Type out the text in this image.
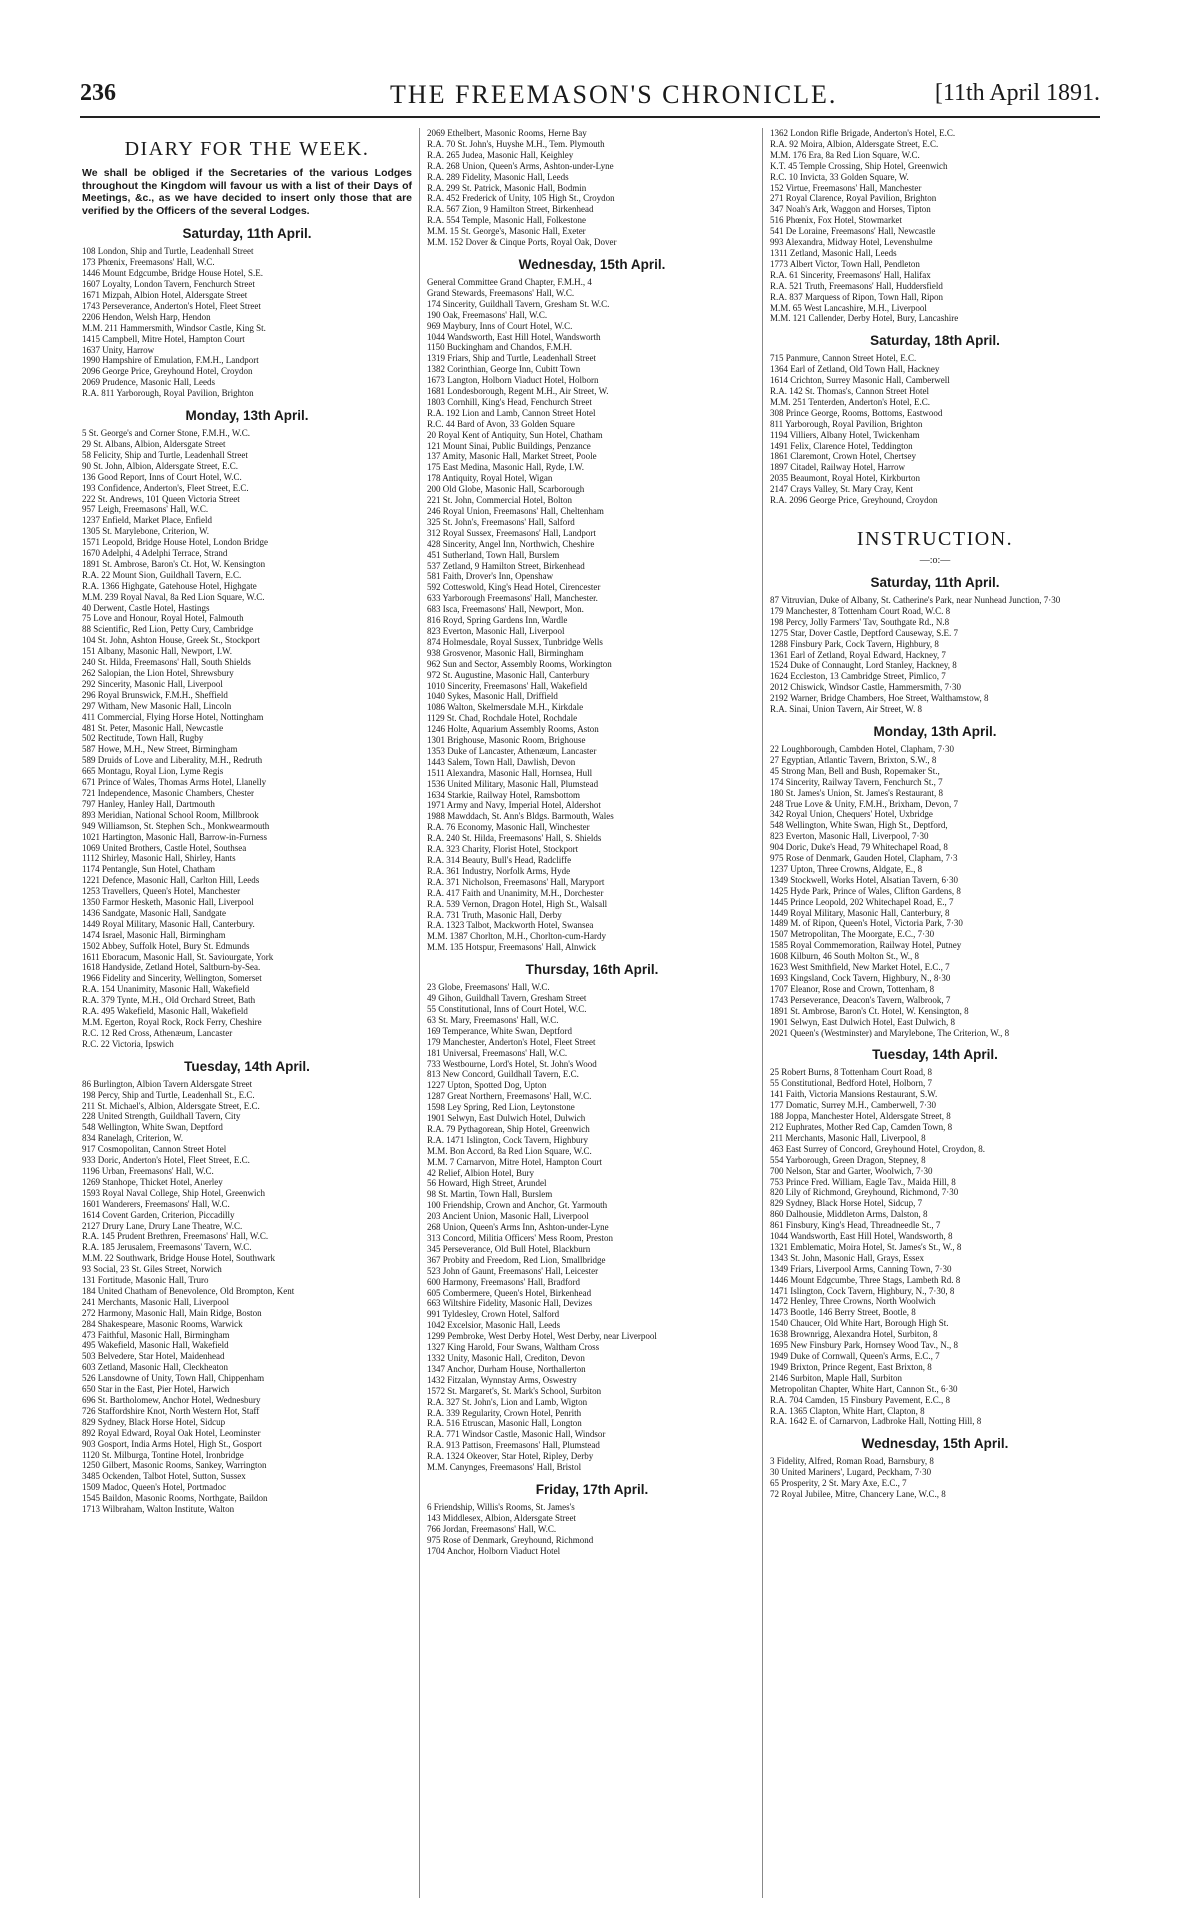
236	THE FREEMASON'S CHRONICLE.	[11th April 1891.
DIARY FOR THE WEEK.
We shall be obliged if the Secretaries of the various Lodges throughout the Kingdom will favour us with a list of their Days of Meetings, &c., as we have decided to insert only those that are verified by the Officers of the several Lodges.
Saturday, 11th April.
108 London, Ship and Turtle, Leadenhall Street
173 Phœnix, Freemasons' Hall, W.C.
1446 Mount Edgcumbe, Bridge House Hotel, S.E.
1607 Loyalty, London Tavern, Fenchurch Street
1671 Mizpah, Albion Hotel, Aldersgate Street
1743 Perseverance, Anderton's Hotel, Fleet Street
2206 Hendon, Welsh Harp, Hendon
M.M. 211 Hammersmith, Windsor Castle, King St.
1415 Campbell, Mitre Hotel, Hampton Court
1637 Unity, Harrow
1990 Hampshire of Emulation, F.M.H., Landport
2096 George Price, Greyhound Hotel, Croydon
2069 Prudence, Masonic Hall, Leeds
R.A. 811 Yarborough, Royal Pavilion, Brighton
Monday, 13th April.
5 St. George's and Corner Stone, F.M.H., W.C.
29 St. Albans, Albion, Aldersgate Street
58 Felicity, Ship and Turtle, Leadenhall Street
90 St. John, Albion, Aldersgate Street, E.C.
136 Good Report, Inns of Court Hotel, W.C.
193 Confidence, Anderton's, Fleet Street, E.C.
222 St. Andrews, 101 Queen Victoria Street
957 Leigh, Freemasons' Hall, W.C.
1237 Enfield, Market Place, Enfield
1305 St. Marylebone, Criterion, W.
1571 Leopold, Bridge House Hotel, London Bridge
1670 Adelphi, 4 Adelphi Terrace, Strand
1891 St. Ambrose, Baron's Ct. Hot, W. Kensington
R.A. 22 Mount Sion, Guildhall Tavern, E.C.
R.A. 1366 Highgate, Gatehouse Hotel, Highgate
M.M. 239 Royal Naval, 8a Red Lion Square, W.C.
40 Derwent, Castle Hotel, Hastings
75 Love and Honour, Royal Hotel, Falmouth
88 Scientific, Red Lion, Petty Cury, Cambridge
104 St. John, Ashton House, Greek St., Stockport
151 Albany, Masonic Hall, Newport, I.W.
240 St. Hilda, Freemasons' Hall, South Shields
262 Salopian, the Lion Hotel, Shrewsbury
292 Sincerity, Masonic Hall, Liverpool
296 Royal Brunswick, F.M.H., Sheffield
297 Witham, New Masonic Hall, Lincoln
411 Commercial, Flying Horse Hotel, Nottingham
481 St. Peter, Masonic Hall, Newcastle
502 Rectitude, Town Hall, Rugby
587 Howe, M.H., New Street, Birmingham
589 Druids of Love and Liberality, M.H., Redruth
665 Montagu, Royal Lion, Lyme Regis
671 Prince of Wales, Thomas Arms Hotel, Llanelly
721 Independence, Masonic Chambers, Chester
797 Hanley, Hanley Hall, Dartmouth
893 Meridian, National School Room, Millbrook
949 Williamson, St. Stephen Sch., Monkwearmouth
1021 Hartington, Masonic Hall, Barrow-in-Furness
1069 United Brothers, Castle Hotel, Southsea
1112 Shirley, Masonic Hall, Shirley, Hants
1174 Pentangle, Sun Hotel, Chatham
1221 Defence, Masonic Hall, Carlton Hill, Leeds
1253 Travellers, Queen's Hotel, Manchester
1350 Farmor Hesketh, Masonic Hall, Liverpool
1436 Sandgate, Masonic Hall, Sandgate
1449 Royal Military, Masonic Hall, Canterbury.
1474 Israel, Masonic Hall, Birmingham
1502 Abbey, Suffolk Hotel, Bury St. Edmunds
1611 Eboracum, Masonic Hall, St. Saviourgate, York
1618 Handyside, Zetland Hotel, Saltburn-by-Sea.
1966 Fidelity and Sincerity, Wellington, Somerset
R.A. 154 Unanimity, Masonic Hall, Wakefield
R.A. 379 Tynte, M.H., Old Orchard Street, Bath
R.A. 495 Wakefield, Masonic Hall, Wakefield
M.M. Egerton, Royal Rock, Rock Ferry, Cheshire
R.C. 12 Red Cross, Athenæum, Lancaster
R.C. 22 Victoria, Ipswich
Tuesday, 14th April.
86 Burlington, Albion Tavern Aldersgate Street
198 Percy, Ship and Turtle, Leadenhall St., E.C.
211 St. Michael's, Albion, Aldersgate Street, E.C.
228 United Strength, Guildhall Tavern, City
548 Wellington, White Swan, Deptford
834 Ranelagh, Criterion, W.
917 Cosmopolitan, Cannon Street Hotel
933 Doric, Anderton's Hotel, Fleet Street, E.C.
1196 Urban, Freemasons' Hall, W.C.
1269 Stanhope, Thicket Hotel, Anerley
1593 Royal Naval College, Ship Hotel, Greenwich
1601 Wanderers, Freemasons' Hall, W.C.
1614 Covent Garden, Criterion, Piccadilly
2127 Drury Lane, Drury Lane Theatre, W.C.
R.A. 145 Prudent Brethren, Freemasons' Hall, W.C.
R.A. 185 Jerusalem, Freemasons' Tavern, W.C.
M.M. 22 Southwark, Bridge House Hotel, Southwark
93 Social, 23 St. Giles Street, Norwich
131 Fortitude, Masonic Hall, Truro
184 United Chatham of Benevolence, Old Brompton, Kent
241 Merchants, Masonic Hall, Liverpool
272 Harmony, Masonic Hall, Main Ridge, Boston
284 Shakespeare, Masonic Rooms, Warwick
473 Faithful, Masonic Hall, Birmingham
495 Wakefield, Masonic Hall, Wakefield
503 Belvedere, Star Hotel, Maidenhead
603 Zetland, Masonic Hall, Cleckheaton
526 Lansdowne of Unity, Town Hall, Chippenham
650 Star in the East, Pier Hotel, Harwich
696 St. Bartholomew, Anchor Hotel, Wednesbury
726 Staffordshire Knot, North Western Hot, Staff
829 Sydney, Black Horse Hotel, Sidcup
892 Royal Edward, Royal Oak Hotel, Leominster
903 Gosport, India Arms Hotel, High St., Gosport
1120 St. Milburga, Tontine Hotel, Ironbridge
1250 Gilbert, Masonic Rooms, Sankey, Warrington
3485 Ockenden, Talbot Hotel, Sutton, Sussex
1509 Madoc, Queen's Hotel, Portmadoc
1545 Baildon, Masonic Rooms, Northgate, Baildon
1713 Wilbraham, Walton Institute, Walton
2069 Ethelbert, Masonic Rooms, Herne Bay
R.A. 70 St. John's, Huyshe M.H., Tem. Plymouth
R.A. 265 Judea, Masonic Hall, Keighley
R.A. 268 Union, Queen's Arms, Ashton-under-Lyne
R.A. 289 Fidelity, Masonic Hall, Leeds
R.A. 299 St. Patrick, Masonic Hall, Bodmin
R.A. 452 Frederick of Unity, 105 High St., Croydon
R.A. 567 Zion, 9 Hamilton Street, Birkenhead
R.A. 554 Temple, Masonic Hall, Folkestone
M.M. 15 St. George's, Masonic Hall, Exeter
M.M. 152 Dover & Cinque Ports, Royal Oak, Dover
Wednesday, 15th April.
General Committee Grand Chapter, F.M.H., 4
Grand Stewards, Freemasons' Hall, W.C.
174 Sincerity, Guildhall Tavern, Gresham St. W.C.
190 Oak, Freemasons' Hall, W.C.
969 Maybury, Inns of Court Hotel, W.C.
1044 Wandsworth, East Hill Hotel, Wandsworth
1150 Buckingham and Chandos, F.M.H.
1319 Friars, Ship and Turtle, Leadenhall Street
1382 Corinthian, George Inn, Cubitt Town
1673 Langton, Holborn Viaduct Hotel, Holborn
1681 Londesborough, Regent M.H., Air Street, W.
1803 Cornhill, King's Head, Fenchurch Street
R.A. 192 Lion and Lamb, Cannon Street Hotel
R.C. 44 Bard of Avon, 33 Golden Square
20 Royal Kent of Antiquity, Sun Hotel, Chatham
121 Mount Sinai, Public Buildings, Penzance
137 Amity, Masonic Hall, Market Street, Poole
175 East Medina, Masonic Hall, Ryde, I.W.
178 Antiquity, Royal Hotel, Wigan
200 Old Globe, Masonic Hall, Scarborough
221 St. John, Commercial Hotel, Bolton
246 Royal Union, Freemasons' Hall, Cheltenham
325 St. John's, Freemasons' Hall, Salford
312 Royal Sussex, Freemasons' Hall, Landport
428 Sincerity, Angel Inn, Northwich, Cheshire
451 Sutherland, Town Hall, Burslem
537 Zetland, 9 Hamilton Street, Birkenhead
581 Faith, Drover's Inn, Openshaw
592 Cotteswold, King's Head Hotel, Cirencester
633 Yarborough Freemasons' Hall, Manchester.
683 Isca, Freemasons' Hall, Newport, Mon.
816 Royd, Spring Gardens Inn, Wardle
823 Everton, Masonic Hall, Liverpool
874 Holmesdale, Royal Sussex, Tunbridge Wells
938 Grosvenor, Masonic Hall, Birmingham
962 Sun and Sector, Assembly Rooms, Workington
972 St. Augustine, Masonic Hall, Canterbury
1010 Sincerity, Freemasons' Hall, Wakefield
1040 Sykes, Masonic Hall, Driffield
1086 Walton, Skelmersdale M.H., Kirkdale
1129 St. Chad, Rochdale Hotel, Rochdale
1246 Holte, Aquarium Assembly Rooms, Aston
1301 Brighouse, Masonic Room, Brighouse
1353 Duke of Lancaster, Athenæum, Lancaster
1443 Salem, Town Hall, Dawlish, Devon
1511 Alexandra, Masonic Hall, Hornsea, Hull
1536 United Military, Masonic Hall, Plumstead
1634 Starkie, Railway Hotel, Ramsbottom
1971 Army and Navy, Imperial Hotel, Aldershot
1988 Mawddach, St. Ann's Bldgs. Barmouth, Wales
R.A. 76 Economy, Masonic Hall, Winchester
R.A. 240 St. Hilda, Freemasons' Hall, S. Shields
R.A. 323 Charity, Florist Hotel, Stockport
R.A. 314 Beauty, Bull's Head, Radcliffe
R.A. 361 Industry, Norfolk Arms, Hyde
R.A. 371 Nicholson, Freemasons' Hall, Maryport
R.A. 417 Faith and Unanimity, M.H., Dorchester
R.A. 539 Vernon, Dragon Hotel, High St., Walsall
R.A. 731 Truth, Masonic Hall, Derby
R.A. 1323 Talbot, Mackworth Hotel, Swansea
M.M. 1387 Chorlton, M.H., Chorlton-cum-Hardy
M.M. 135 Hotspur, Freemasons' Hall, Alnwick
Thursday, 16th April.
23 Globe, Freemasons' Hall, W.C.
49 Gihon, Guildhall Tavern, Gresham Street
55 Constitutional, Inns of Court Hotel, W.C.
63 St. Mary, Freemasons' Hall, W.C.
169 Temperance, White Swan, Deptford
179 Manchester, Anderton's Hotel, Fleet Street
181 Universal, Freemasons' Hall, W.C.
733 Westbourne, Lord's Hotel, St. John's Wood
813 New Concord, Guildhall Tavern, E.C.
1227 Upton, Spotted Dog, Upton
1287 Great Northern, Freemasons' Hall, W.C.
1598 Ley Spring, Red Lion, Leytonstone
1901 Selwyn, East Dulwich Hotel, Dulwich
R.A. 79 Pythagorean, Ship Hotel, Greenwich
R.A. 1471 Islington, Cock Tavern, Highbury
M.M. Bon Accord, 8a Red Lion Square, W.C.
M.M. 7 Carnarvon, Mitre Hotel, Hampton Court
42 Relief, Albion Hotel, Bury
56 Howard, High Street, Arundel
98 St. Martin, Town Hall, Burslem
100 Friendship, Crown and Anchor, Gt. Yarmouth
203 Ancient Union, Masonic Hall, Liverpool
268 Union, Queen's Arms Inn, Ashton-under-Lyne
313 Concord, Militia Officers' Mess Room, Preston
345 Perseverance, Old Bull Hotel, Blackburn
367 Probity and Freedom, Red Lion, Smallbridge
523 John of Gaunt, Freemasons' Hall, Leicester
600 Harmony, Freemasons' Hall, Bradford
605 Combermere, Queen's Hotel, Birkenhead
663 Wiltshire Fidelity, Masonic Hall, Devizes
991 Tyldesley, Crown Hotel, Salford
1042 Excelsior, Masonic Hall, Leeds
1299 Pembroke, West Derby Hotel, West Derby, near Liverpool
1327 King Harold, Four Swans, Waltham Cross
1332 Unity, Masonic Hall, Crediton, Devon
1347 Anchor, Durham House, Northallerton
1432 Fitzalan, Wynnstay Arms, Oswestry
1572 St. Margaret's, St. Mark's School, Surbiton
R.A. 327 St. John's, Lion and Lamb, Wigton
R.A. 339 Regularity, Crown Hotel, Penrith
R.A. 516 Etruscan, Masonic Hall, Longton
R.A. 771 Windsor Castle, Masonic Hall, Windsor
R.A. 913 Pattison, Freemasons' Hall, Plumstead
R.A. 1324 Okeover, Star Hotel, Ripley, Derby
M.M. Canynges, Freemasons' Hall, Bristol
Friday, 17th April.
6 Friendship, Willis's Rooms, St. James's
143 Middlesex, Albion, Aldersgate Street
766 Jordan, Freemasons' Hall, W.C.
975 Rose of Denmark, Greyhound, Richmond
1704 Anchor, Holborn Viaduct Hotel
1362 London Rifle Brigade, Anderton's Hotel, E.C.
R.A. 92 Moira, Albion, Aldersgate Street, E.C.
M.M. 176 Era, 8a Red Lion Square, W.C.
K.T. 45 Temple Crossing, Ship Hotel, Greenwich
R.C. 10 Invicta, 33 Golden Square, W.
152 Virtue, Freemasons' Hall, Manchester
271 Royal Clarence, Royal Pavilion, Brighton
347 Noah's Ark, Waggon and Horses, Tipton
516 Phœnix, Fox Hotel, Stowmarket
541 De Loraine, Freemasons' Hall, Newcastle
993 Alexandra, Midway Hotel, Levenshulme
1311 Zetland, Masonic Hall, Leeds
1773 Albert Victor, Town Hall, Pendleton
R.A. 61 Sincerity, Freemasons' Hall, Halifax
R.A. 521 Truth, Freemasons' Hall, Huddersfield
R.A. 837 Marquess of Ripon, Town Hall, Ripon
M.M. 65 West Lancashire, M.H., Liverpool
M.M. 121 Callender, Derby Hotel, Bury, Lancashire
Saturday, 18th April.
715 Panmure, Cannon Street Hotel, E.C.
1364 Earl of Zetland, Old Town Hall, Hackney
1614 Crichton, Surrey Masonic Hall, Camberwell
R.A. 142 St. Thomas's, Cannon Street Hotel
M.M. 251 Tenterden, Anderton's Hotel, E.C.
308 Prince George, Rooms, Bottoms, Eastwood
811 Yarborough, Royal Pavilion, Brighton
1194 Villiers, Albany Hotel, Twickenham
1491 Felix, Clarence Hotel, Teddington
1861 Claremont, Crown Hotel, Chertsey
1897 Citadel, Railway Hotel, Harrow
2035 Beaumont, Royal Hotel, Kirkburton
2147 Crays Valley, St. Mary Cray, Kent
R.A. 2096 George Price, Greyhound, Croydon
INSTRUCTION.
—:o:—
Saturday, 11th April.
87 Vitruvian, Duke of Albany, St. Catherine's Park, near Nunhead Junction, 7·30
179 Manchester, 8 Tottenham Court Road, W.C. 8
198 Percy, Jolly Farmers' Tav, Southgate Rd., N.8
1275 Star, Dover Castle, Deptford Causeway, S.E. 7
1288 Finsbury Park, Cock Tavern, Highbury, 8
1361 Earl of Zetland, Royal Edward, Hackney, 7
1524 Duke of Connaught, Lord Stanley, Hackney, 8
1624 Eccleston, 13 Cambridge Street, Pimlico, 7
2012 Chiswick, Windsor Castle, Hammersmith, 7·30
2192 Warner, Bridge Chambers, Hoe Street, Walthamstow, 8
R.A. Sinai, Union Tavern, Air Street, W. 8
Monday, 13th April.
22 Loughborough, Cambden Hotel, Clapham, 7·30
27 Egyptian, Atlantic Tavern, Brixton, S.W., 8
45 Strong Man, Bell and Bush, Ropemaker St.,
174 Sincerity, Railway Tavern, Fenchurch St., 7
180 St. James's Union, St. James's Restaurant, 8
248 True Love & Unity, F.M.H., Brixham, Devon, 7
342 Royal Union, Chequers' Hotel, Uxbridge
548 Wellington, White Swan, High St., Deptford,
823 Everton, Masonic Hall, Liverpool, 7·30
904 Doric, Duke's Head, 79 Whitechapel Road, 8
975 Rose of Denmark, Gauden Hotel, Clapham, 7·3
1237 Upton, Three Crowns, Aldgate, E., 8
1349 Stockwell, Works Hotel, Alsatian Tavern, 6·30
1425 Hyde Park, Prince of Wales, Clifton Gardens, 8
1445 Prince Leopold, 202 Whitechapel Road, E., 7
1449 Royal Military, Masonic Hall, Canterbury, 8
1489 M. of Ripon, Queen's Hotel, Victoria Park, 7·30
1507 Metropolitan, The Moorgate, E.C., 7·30
1585 Royal Commemoration, Railway Hotel, Putney
1608 Kilburn, 46 South Molton St., W., 8
1623 West Smithfield, New Market Hotel, E.C., 7
1693 Kingsland, Cock Tavern, Highbury, N., 8·30
1707 Eleanor, Rose and Crown, Tottenham, 8
1743 Perseverance, Deacon's Tavern, Walbrook, 7
1891 St. Ambrose, Baron's Ct. Hotel, W. Kensington, 8
1901 Selwyn, East Dulwich Hotel, East Dulwich, 8
2021 Queen's (Westminster) and Marylebone, The Criterion, W., 8
Tuesday, 14th April.
25 Robert Burns, 8 Tottenham Court Road, 8
55 Constitutional, Bedford Hotel, Holborn, 7
141 Faith, Victoria Mansions Restaurant, S.W.
177 Domatic, Surrey M.H., Camberwell, 7·30
188 Joppa, Manchester Hotel, Aldersgate Street, 8
212 Euphrates, Mother Red Cap, Camden Town, 8
211 Merchants, Masonic Hall, Liverpool, 8
463 East Surrey of Concord, Greyhound Hotel, Croydon, 8.
554 Yarborough, Green Dragon, Stepney, 8
700 Nelson, Star and Garter, Woolwich, 7·30
753 Prince Fred. William, Eagle Tav., Maida Hill, 8
820 Lily of Richmond, Greyhound, Richmond, 7·30
829 Sydney, Black Horse Hotel, Sidcup, 7
860 Dalhousie, Middleton Arms, Dalston, 8
861 Finsbury, King's Head, Threadneedle St., 7
1044 Wandsworth, East Hill Hotel, Wandsworth, 8
1321 Emblematic, Moira Hotel, St. James's St., W., 8
1343 St. John, Masonic Hall, Grays, Essex
1349 Friars, Liverpool Arms, Canning Town, 7·30
1446 Mount Edgcumbe, Three Stags, Lambeth Rd. 8
1471 Islington, Cock Tavern, Highbury, N., 7·30, 8
1472 Henley, Three Crowns, North Woolwich
1473 Bootle, 146 Berry Street, Bootle, 8
1540 Chaucer, Old White Hart, Borough High St.
1638 Brownrigg, Alexandra Hotel, Surbiton, 8
1695 New Finsbury Park, Hornsey Wood Tav., N., 8
1949 Duke of Cornwall, Queen's Arms, E.C., 7
1949 Brixton, Prince Regent, East Brixton, 8
2146 Surbiton, Maple Hall, Surbiton
Metropolitan Chapter, White Hart, Cannon St., 6·30
R.A. 704 Camden, 15 Finsbury Pavement, E.C., 8
R.A. 1365 Clapton, White Hart, Clapton, 8
R.A. 1642 E. of Carnarvon, Ladbroke Hall, Notting Hill, 8
Wednesday, 15th April.
3 Fidelity, Alfred, Roman Road, Barnsbury, 8
30 United Mariners', Lugard, Peckham, 7·30
65 Prosperity, 2 St. Mary Axe, E.C., 7
72 Royal Jubilee, Mitre, Chancery Lane, W.C., 8
